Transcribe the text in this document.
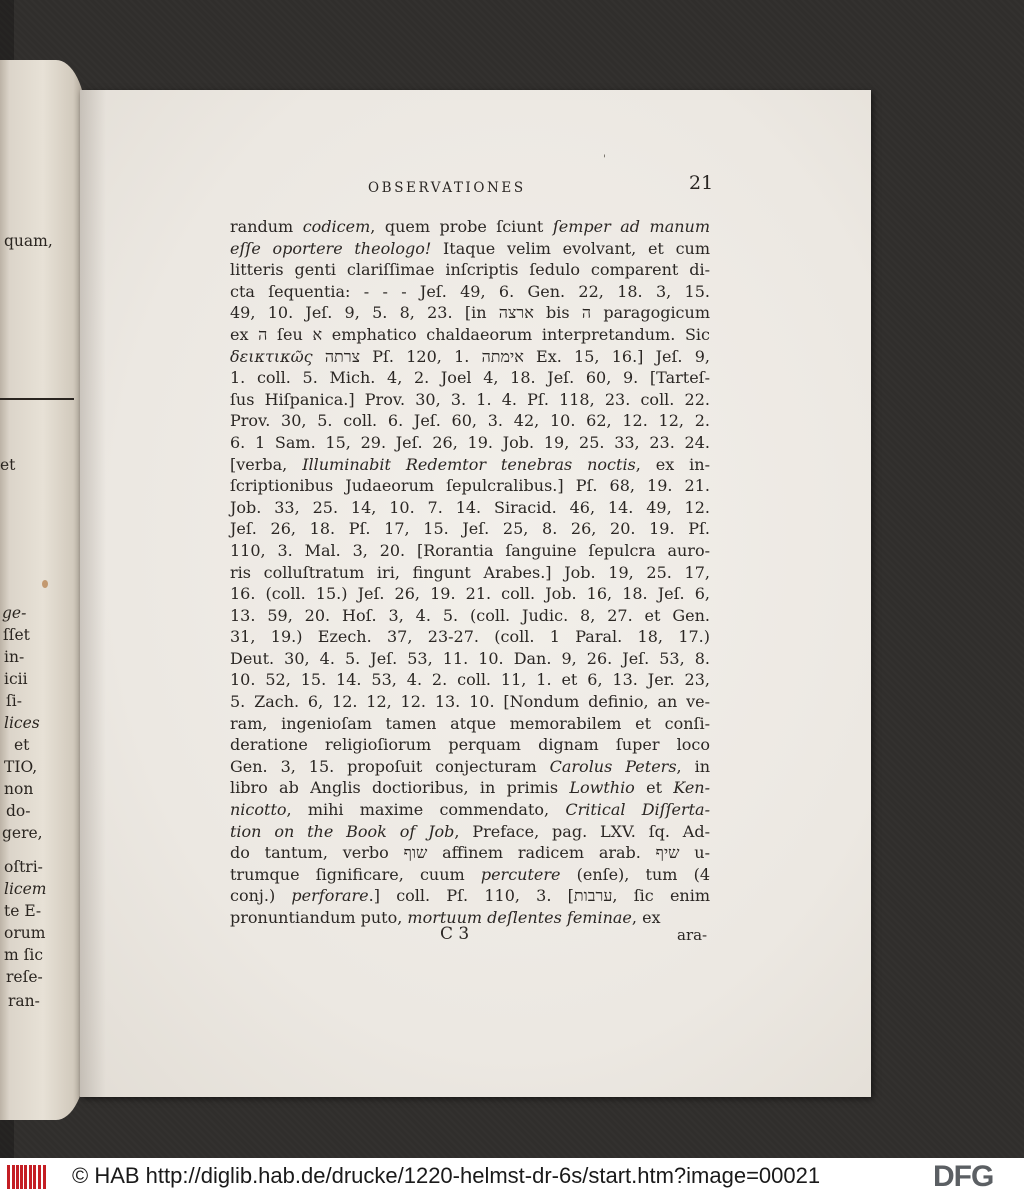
quam,
et
ge-
ſſet
in-
icii
ſi-
lices
et
TIO,
non
do-
gere,
oſtri-
licem
te E-
orum
m ſic
reſe-
ran-
'
OBSERVATIONES	21
randum codicem, quem probe ſciunt ſemper ad manum
eſſe oportere theologo! Itaque velim evolvant, et cum
litteris genti clariſſimae inſcriptis ſedulo comparent di-
cta ſequentia: - - - Jeſ. 49, 6. Gen. 22, 18. 3, 15.
49, 10. Jeſ. 9, 5. 8, 23. [in ארצה bis ה paragogicum
ex ה ſeu א emphatico chaldaeorum interpretandum. Sic
δεικτικῶς צרתה Pſ. 120, 1. אימתה Ex. 15, 16.] Jeſ. 9,
1. coll. 5. Mich. 4, 2. Joel 4, 18. Jeſ. 60, 9. [Tarteſ-
ſus Hiſpanica.] Prov. 30, 3. 1. 4. Pſ. 118, 23. coll. 22.
Prov. 30, 5. coll. 6. Jeſ. 60, 3. 42, 10. 62, 12. 12, 2.
6. 1 Sam. 15, 29. Jeſ. 26, 19. Job. 19, 25. 33, 23. 24.
[verba, Illuminabit Redemtor tenebras noctis, ex in-
ſcriptionibus Judaeorum ſepulcralibus.] Pſ. 68, 19. 21.
Job. 33, 25. 14, 10. 7. 14. Siracid. 46, 14. 49, 12.
Jeſ. 26, 18. Pſ. 17, 15. Jeſ. 25, 8. 26, 20. 19. Pſ.
110, 3. Mal. 3, 20. [Rorantia ſanguine ſepulcra auro-
ris colluſtratum iri, fingunt Arabes.] Job. 19, 25. 17,
16. (coll. 15.) Jeſ. 26, 19. 21. coll. Job. 16, 18. Jeſ. 6,
13. 59, 20. Hoſ. 3, 4. 5. (coll. Judic. 8, 27. et Gen.
31, 19.) Ezech. 37, 23-27. (coll. 1 Paral. 18, 17.)
Deut. 30, 4. 5. Jeſ. 53, 11. 10. Dan. 9, 26. Jeſ. 53, 8.
10. 52, 15. 14. 53, 4. 2. coll. 11, 1. et 6, 13. Jer. 23,
5. Zach. 6, 12. 12, 12. 13. 10. [Nondum definio, an ve-
ram, ingenioſam tamen atque memorabilem et conſi-
deratione religioſiorum perquam dignam ſuper loco
Gen. 3, 15. propoſuit conjecturam Carolus Peters, in
libro ab Anglis doctioribus, in primis Lowthio et Ken-
nicotto, mihi maxime commendato, Critical Diſſerta-
tion on the Book of Job, Preface, pag. LXV. ſq. Ad-
do tantum, verbo שוף affinem radicem arab. שיף u-
trumque ſignificare, cuum percutere (enſe), tum (4
conj.) perforare.] coll. Pſ. 110, 3. [ערבות, ſic enim
pronuntiandum puto, mortuum deſlentes feminae, ex
C 3	ara-
© HAB http://diglib.hab.de/drucke/1220-helmst-dr-6s/start.htm?image=00021	DFG
